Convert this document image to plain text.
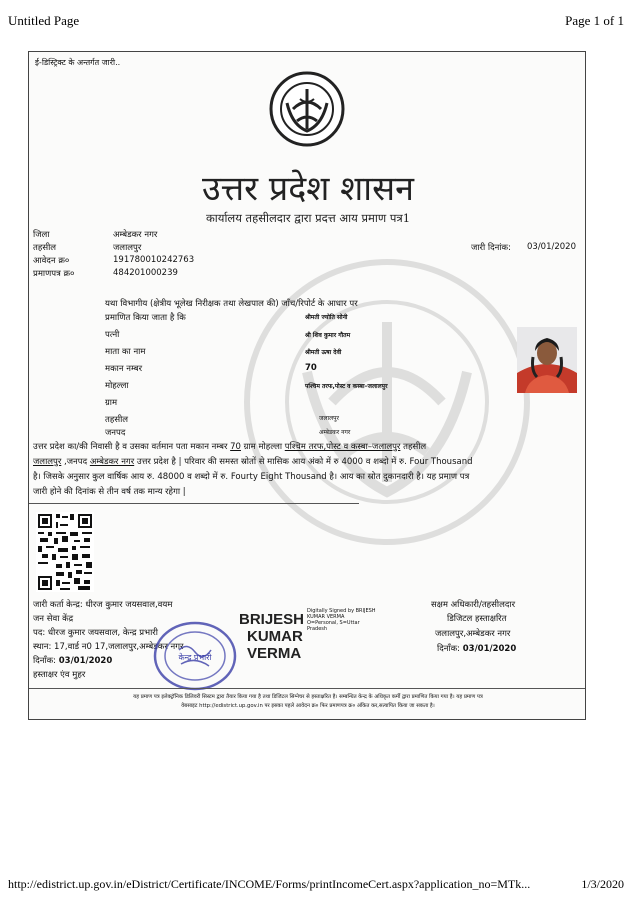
Untitled Page	Page 1 of 1
ई-डिस्ट्रिक्ट के अन्तर्गत जारी..
उत्तर प्रदेश शासन
कार्यालय तहसीलदार द्वारा प्रदत्त आय प्रमाण पत्र1
जिला	अम्बेडकर नगर
तहसील	जलालपुर
आवेदन क्र०	191780010242763
प्रमाणपत्र क्र०	484201000239
जारी दिनांक: 03/01/2020
यथा विभागीय (क्षेत्रीय भूलेख निरीक्षक तथा लेखपाल की) जाँच/रिपोर्ट के आधार पर
प्रमाणित किया जाता है कि	श्रीमती ज्योति सोनी
पत्नी	श्री शिव कुमार गौतम
माता का नाम	श्रीमती ऊषा देवी
मकान नम्बर	70
मोहल्ला	पश्चिम तरफ,पोस्ट व कस्बा–जलालपुर
ग्राम
तहसील	जलालपुर
जनपद	अम्बेडकर नगर
उत्तर प्रदेश का/की निवासी है व उसका वर्तमान पता मकान नम्बर 70 ग्राम मोहल्ला पश्चिम तरफ,पोस्ट व कस्बा–जलालपुर तहसील
जलालपुर ,जनपद अम्बेडकर नगर उत्तर प्रदेश है | परिवार की समस्त स्रोतों से मासिक आय अंको में रु 4000 व शब्दो में रु. Four Thousand
है। जिसके अनुसार कुल वार्षिक आय रु. 48000 व शब्दो में रु. Fourty Eight Thousand है। आय का स्रोत दुकानदारी है। यह प्रमाण पत्र
जारी होने की दिनांक से तीन वर्ष तक मान्य रहेगा |
जारी कर्ता केन्द्र: धीरज कुमार जयसवाल,वयम
जन सेवा केंद्र
पद: धीरज कुमार जयसवाल, केन्द्र प्रभारी
स्थान: 17,वार्ड न0 17,जलालपुर,अम्बेडकर नगर
दिनाँक: 03/01/2020
हस्ताक्षर एंव मुहर
केन्द्र प्रभारी
BRIJESH
KUMAR
VERMA
Digitally Signed by BRIJESH KUMAR VERMA
O=Personal, S=Uttar
Pradesh
सक्षम अधिकारी/तहसीलदार
डिजिटल हस्ताक्षरित
जलालपुर,अम्बेडकर नगर
दिनाँक: 03/01/2020
यह प्रमाण पत्र इलेक्ट्रॉनिक डिलिवरी सिस्टम द्वारा तैयार किया गया है तथा डिजिटल सिग्नेचर से हस्ताक्षरित है। सम्बन्धित केन्द्र के अधिकृत कर्मी द्वारा प्रमाणित किया गया है। यह प्रमाण पत्र
वेबसाइट http://edistrict.up.gov.in पर इसका पहले आवेदन क्र० फिर प्रमाणपत्र क्र० अंकित कर,सत्यापित किया जा सकता है।
http://edistrict.up.gov.in/eDistrict/Certificate/INCOME/Forms/printIncomeCert.aspx?application_no=MTk...	1/3/2020
